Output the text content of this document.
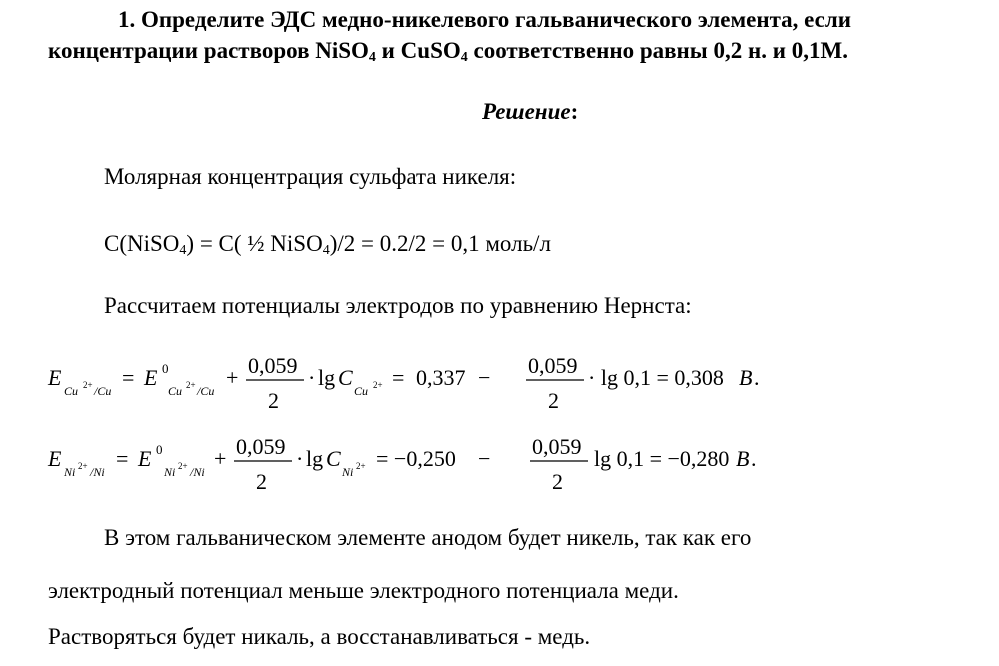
1. Определите ЭДС медно-никелевого гальванического элемента, если концентрации растворов NiSO$_4$ и CuSO$_4$ соответственно равны 0,2 н. и 0,1М.
Решение:
Молярная концентрация сульфата никеля:
C(NiSO$_4$) = C( ½ NiSO$_4$)/2 = 0.2/2 = 0,1 моль/л
Рассчитаем потенциалы электродов по уравнению Нернста:
E
Cu 2+ /Cu
= E 0
Cu 2+ /Cu
+ 0,059
2
· lg C
Cu 2+ = 0,337 − 0,059
2
· lg 0,1 = 0,308 B .
E
Ni 2+ /Ni
= E 0
Ni 2+ /Ni
+ 0,059
2
· lg C
Ni 2+ = −0,250 − 0,059
2
lg 0,1 = −0,280 B .
В этом гальваническом элементе анодом будет никель, так как его
электродный потенциал меньше электродного потенциала меди.
Растворяться будет никаль, а восстанавливаться - медь.
